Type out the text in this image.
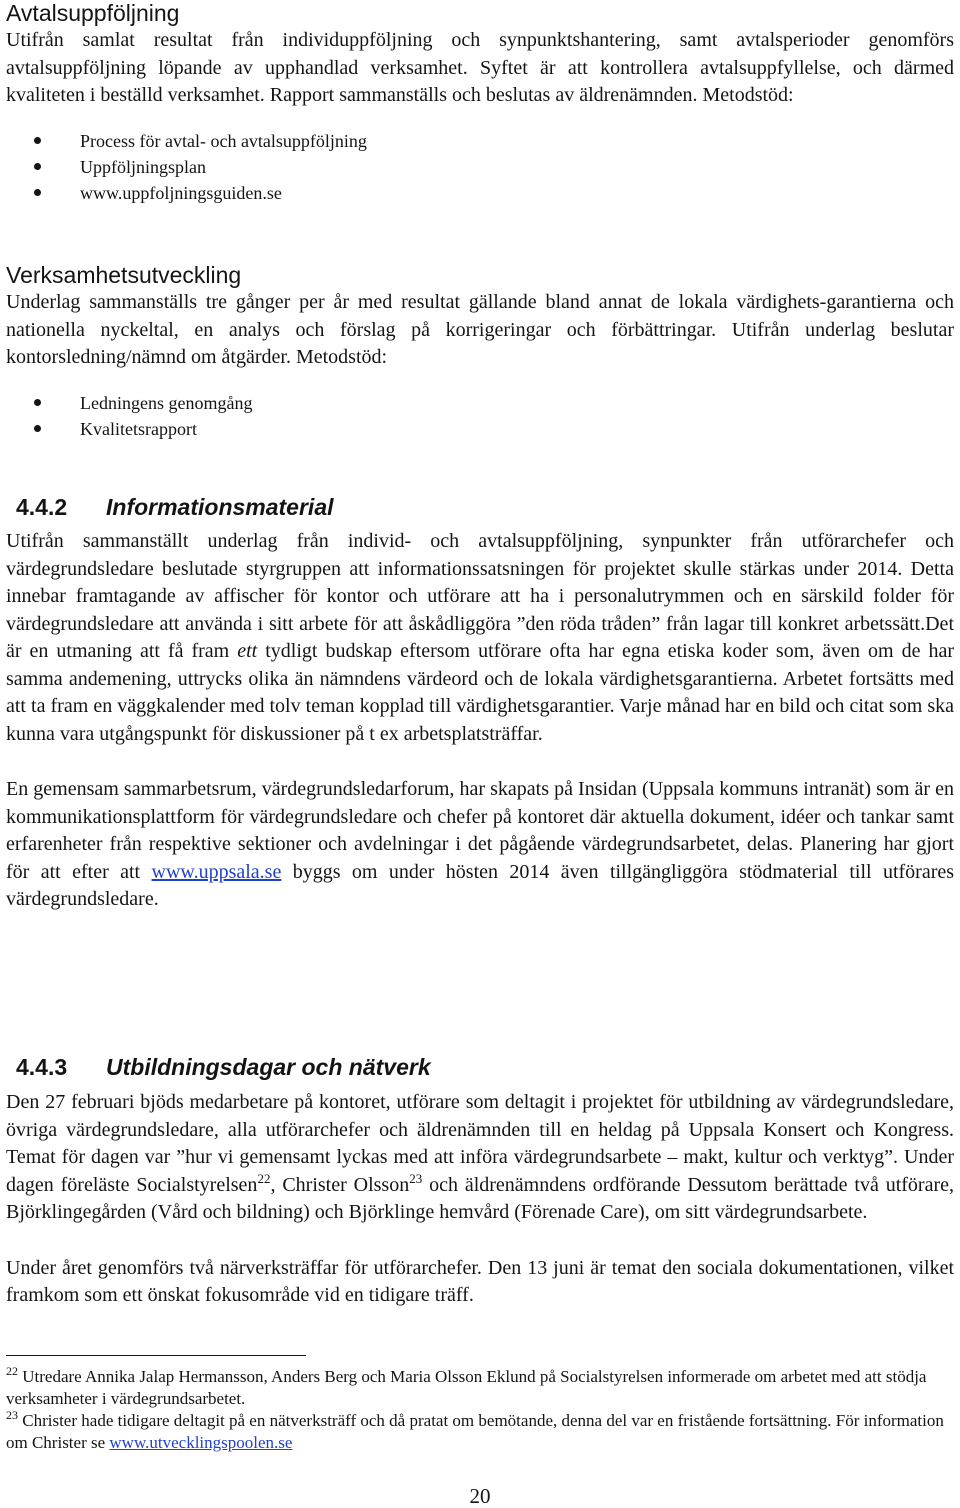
Avtalsuppföljning

Utifrån samlat resultat från individuppföljning och synpunktshantering, samt avtalsperioder genomförs avtalsuppföljning löpande av upphandlad verksamhet. Syftet är att kontrollera avtalsuppfyllelse, och därmed kvaliteten i beställd verksamhet. Rapport sammanställs och beslutas av äldrenämnden. Metodstöd:

Process för avtal- och avtalsuppföljning
Uppföljningsplan
www.uppfoljningsguiden.se
Verksamhetsutveckling

Underlag sammanställs tre gånger per år med resultat gällande bland annat de lokala värdighets-garantierna och nationella nyckeltal, en analys och förslag på korrigeringar och förbättringar. Utifrån underlag beslutar kontorsledning/nämnd om åtgärder. Metodstöd:

Ledningens genomgång
Kvalitetsrapport
4.4.2 Informationsmaterial

Utifrån sammanställt underlag från individ- och avtalsuppföljning, synpunkter från utförarchefer och värdegrundsledare beslutade styrgruppen att informationssatsningen för projektet skulle stärkas under 2014. Detta innebar framtagande av affischer för kontor och utförare att ha i personalutrymmen och en särskild folder för värdegrundsledare att använda i sitt arbete för att åskådliggöra ”den röda tråden” från lagar till konkret arbetssätt.Det är en utmaning att få fram ett tydligt budskap eftersom utförare ofta har egna etiska koder som, även om de har samma andemening, uttrycks olika än nämndens värdeord och de lokala värdighetsgarantierna. Arbetet fortsätts med att ta fram en väggkalender med tolv teman kopplad till värdighetsgarantier. Varje månad har en bild och citat som ska kunna vara utgångspunkt för diskussioner på t ex arbetsplatsträffar.

En gemensam sammarbetsrum, värdegrundsledarforum, har skapats på Insidan (Uppsala kommuns intranät) som är en kommunikationsplattform för värdegrundsledare och chefer på kontoret där aktuella dokument, idéer och tankar samt erfarenheter från respektive sektioner och avdelningar i det pågående värdegrundsarbetet, delas. Planering har gjort för att efter att www.uppsala.se byggs om under hösten 2014 även tillgängliggöra stödmaterial till utförares värdegrundsledare.

4.4.3 Utbildningsdagar och nätverk

Den 27 februari bjöds medarbetare på kontoret, utförare som deltagit i projektet för utbildning av värdegrundsledare, övriga värdegrundsledare, alla utförarchefer och äldrenämnden till en heldag på Uppsala Konsert och Kongress. Temat för dagen var ”hur vi gemensamt lyckas med att införa värdegrundsarbete – makt, kultur och verktyg”. Under dagen föreläste Socialstyrelsen$^{22}$, Christer Olsson$^{23}$ och äldrenämndens ordförande Dessutom berättade två utförare, Björklingegården (Vård och bildning) och Björklinge hemvård (Förenade Care), om sitt värdegrundsarbete.

Under året genomförs två närverksträffar för utförarchefer. Den 13 juni är temat den sociala dokumentationen, vilket framkom som ett önskat fokusområde vid en tidigare träff.

$^{22}$ Utredare Annika Jalap Hermansson, Anders Berg och Maria Olsson Eklund på Socialstyrelsen informerade om arbetet med att stödja verksamheter i värdegrundsarbetet.

$^{23}$ Christer hade tidigare deltagit på en nätverksträff och då pratat om bemötande, denna del var en fristående fortsättning. För information om Christer se www.utvecklingspoolen.se

20
